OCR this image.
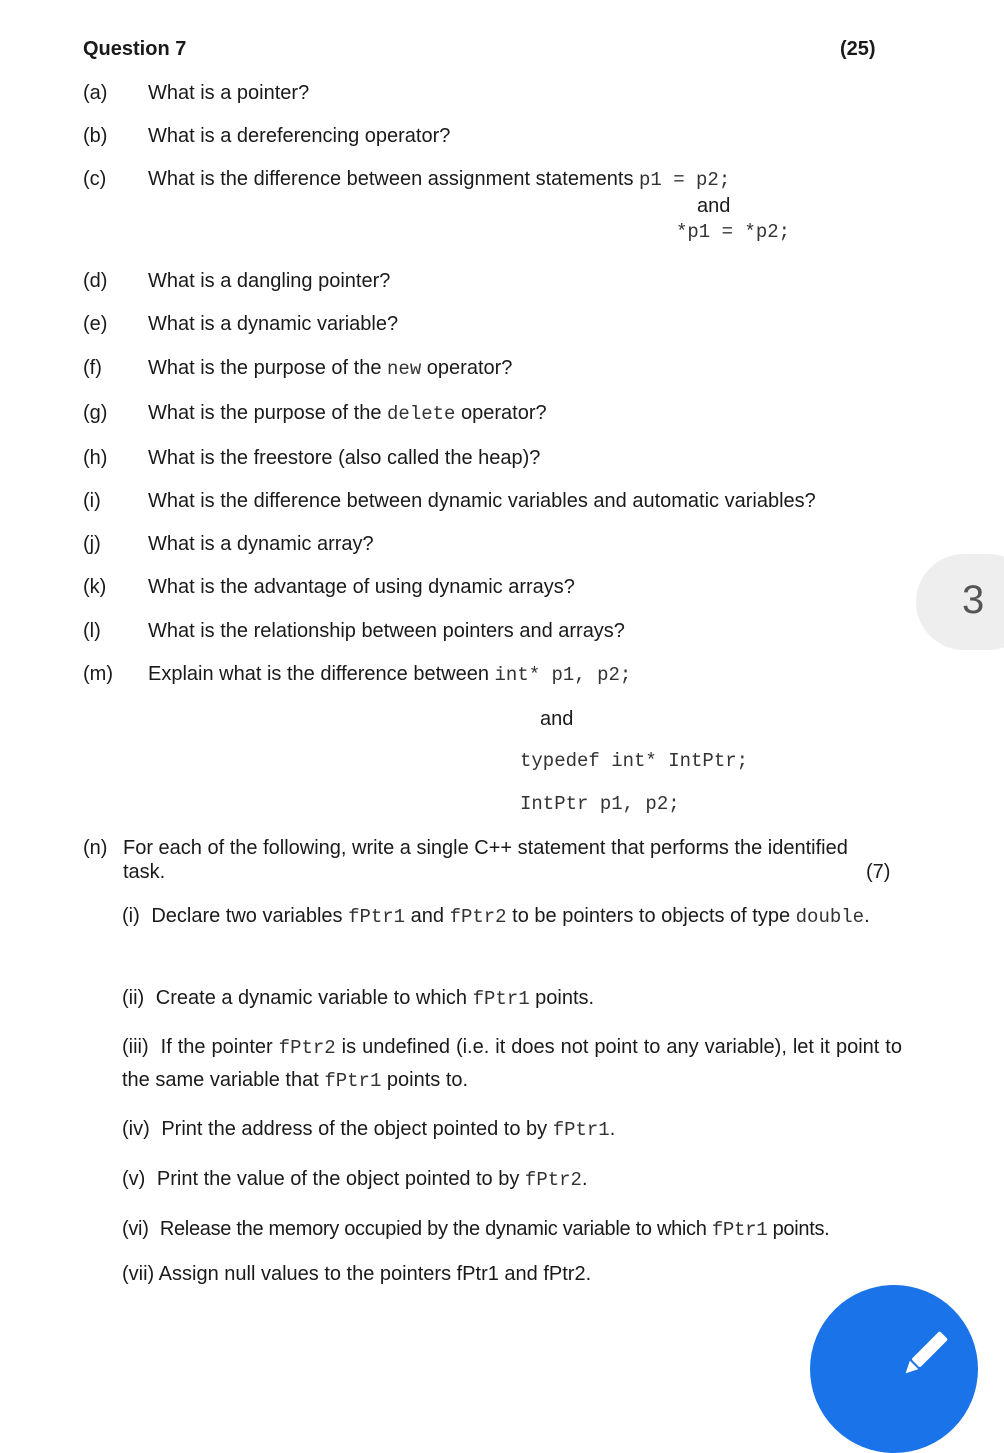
Question 7	(25)
(a) What is a pointer?
(b) What is a dereferencing operator?
(c) What is the difference between assignment statements p1 = p2;
and
*p1 = *p2;
(d) What is a dangling pointer?
(e) What is a dynamic variable?
(f) What is the purpose of the new operator?
(g) What is the purpose of the delete operator?
(h) What is the freestore (also called the heap)?
(i) What is the difference between dynamic variables and automatic variables?
(j) What is a dynamic array?
(k) What is the advantage of using dynamic arrays?
(l) What is the relationship between pointers and arrays?
(m) Explain what is the difference between int* p1, p2;
and
typedef int* IntPtr;
IntPtr p1, p2;
(n) For each of the following, write a single C++ statement that performs the identified
task.	(7)
(i) Declare two variables fPtr1 and fPtr2 to be pointers to objects of type double.
(ii) Create a dynamic variable to which fPtr1 points.
(iii) If the pointer fPtr2 is undefined (i.e. it does not point to any variable), let it point to the same variable that fPtr1 points to.
(iv) Print the address of the object pointed to by fPtr1.
(v) Print the value of the object pointed to by fPtr2.
(vi) Release the memory occupied by the dynamic variable to which fPtr1 points.
(vii) Assign null values to the pointers fPtr1 and fPtr2.
3
